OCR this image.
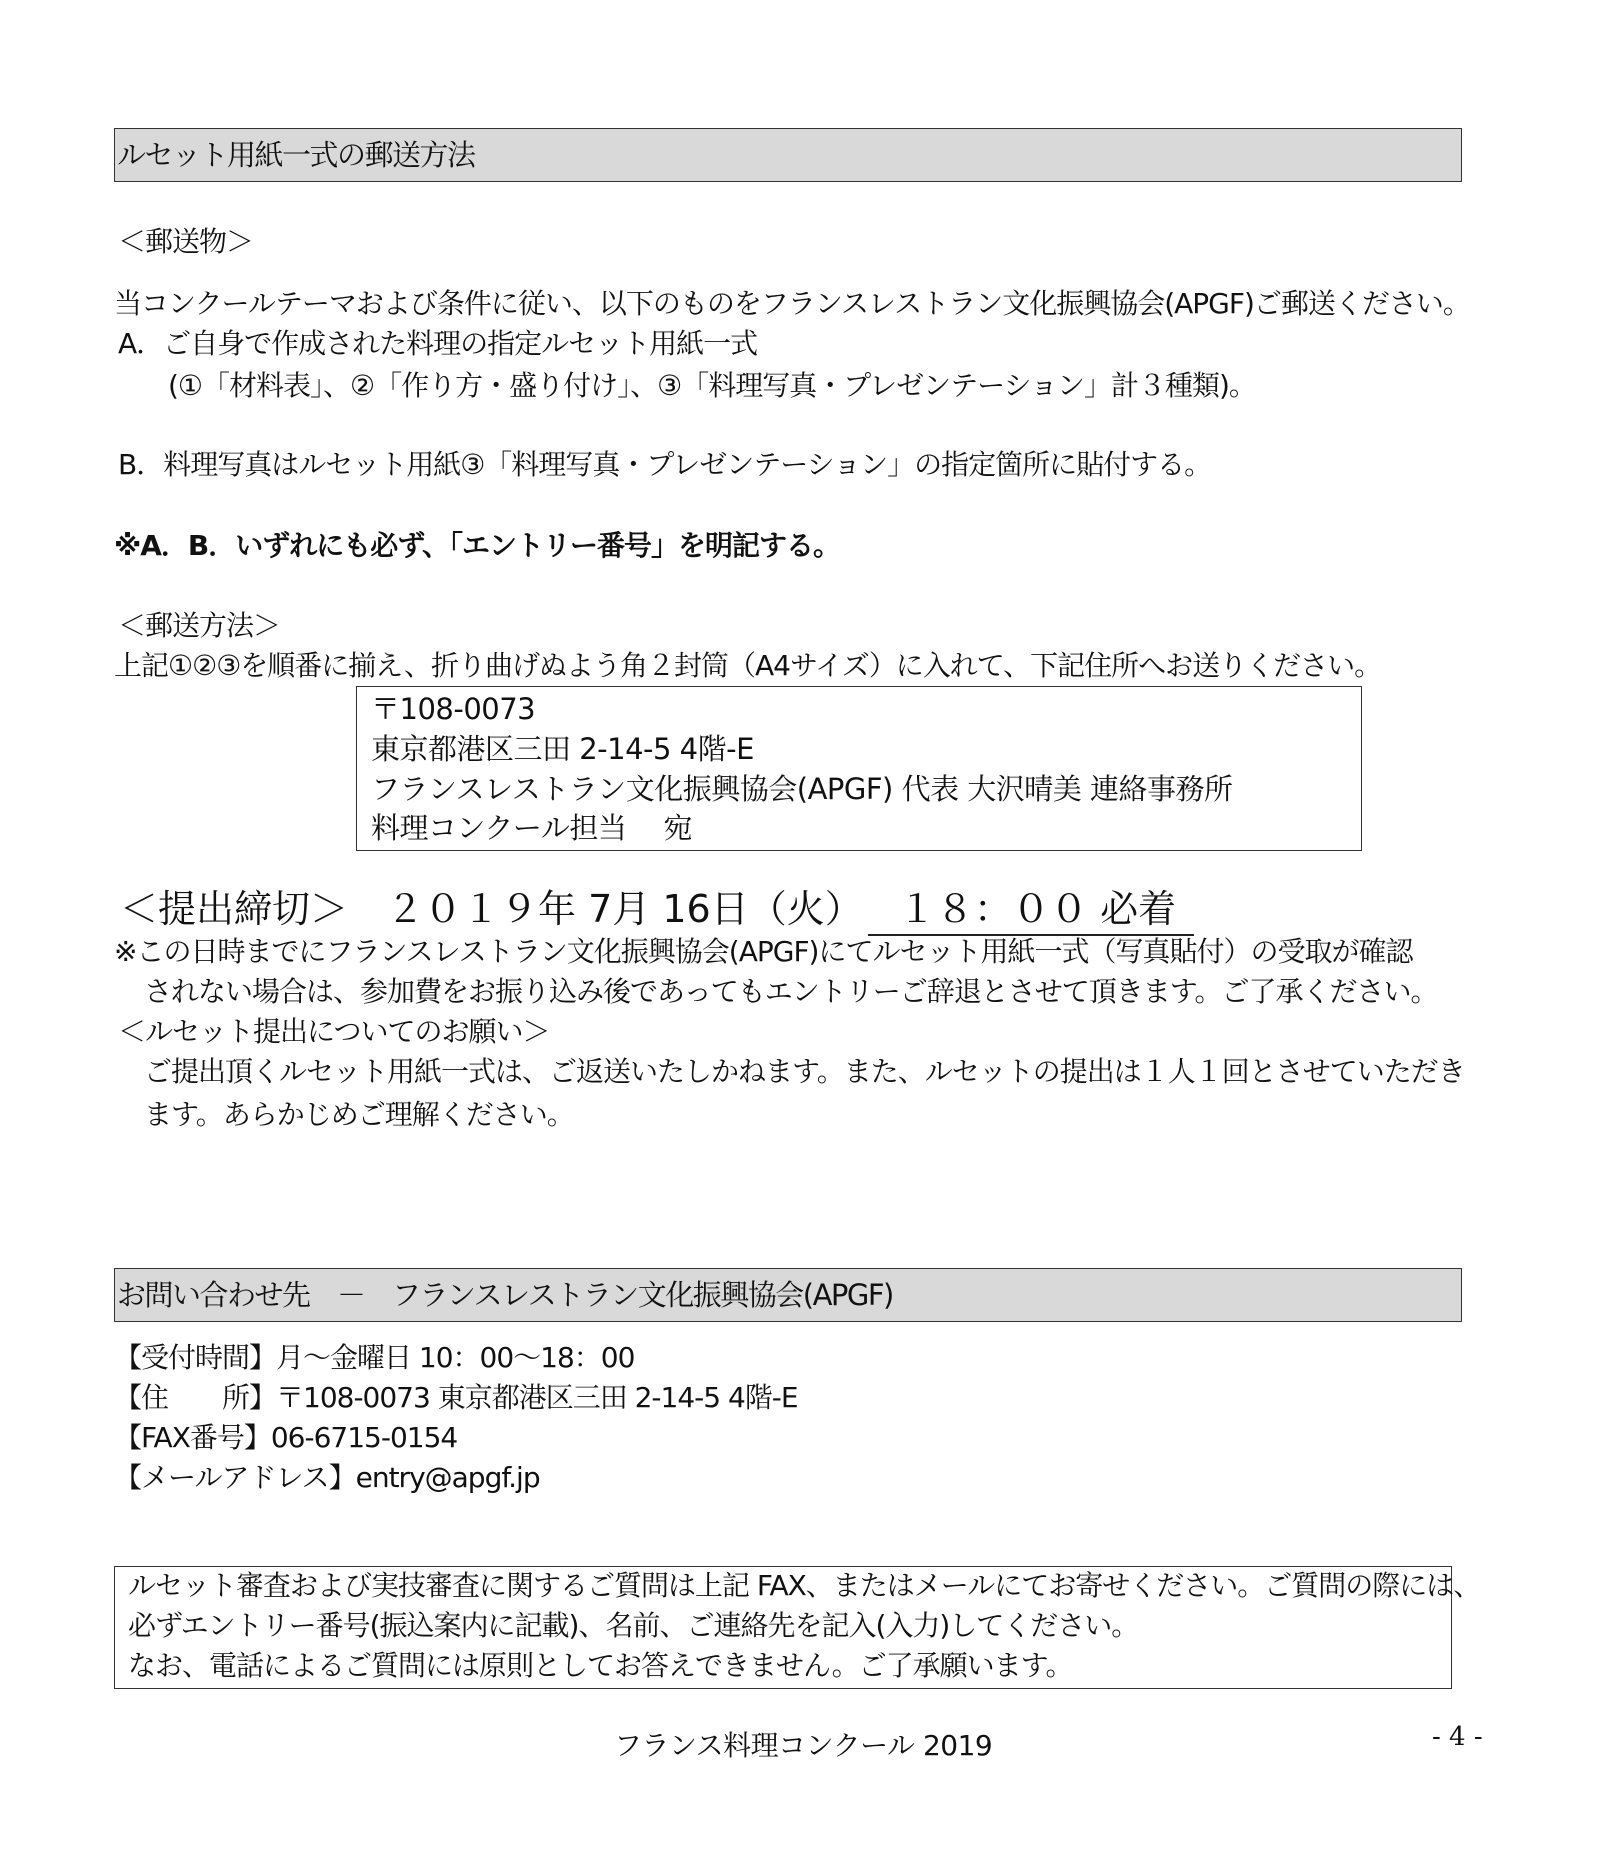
ルセット用紙一式の郵送方法
＜郵送物＞
当コンクールテーマおよび条件に従い、以下のものをフランスレストラン文化振興協会(APGF)ご郵送ください。
A．ご自身で作成された料理の指定ルセット用紙一式
(①「材料表」、②「作り方・盛り付け」、③「料理写真・プレゼンテーション」計３種類)。
B．料理写真はルセット用紙③「料理写真・プレゼンテーション」の指定箇所に貼付する。
※A．B．いずれにも必ず、「エントリー番号」を明記する。
＜郵送方法＞
上記①②③を順番に揃え、折り曲げぬよう角２封筒（A4サイズ）に入れて、下記住所へお送りください。
〒108-0073
東京都港区三田 2-14-5 4階-E
フランスレストラン文化振興協会(APGF) 代表 大沢晴美 連絡事務所
料理コンクール担当　 宛
＜提出締切＞ ２０１９年 7月 16日（火） １８：００ 必着
※この日時までにフランスレストラン文化振興協会(APGF)にてルセット用紙一式（写真貼付）の受取が確認
されない場合は、参加費をお振り込み後であってもエントリーご辞退とさせて頂きます。ご了承ください。
＜ルセット提出についてのお願い＞
ご提出頂くルセット用紙一式は、ご返送いたしかねます。また、ルセットの提出は１人１回とさせていただき
ます。あらかじめご理解ください。
お問い合わせ先　－　フランスレストラン文化振興協会(APGF)
【受付時間】月～金曜日 10：00～18：00
【住　　所】〒108-0073 東京都港区三田 2-14-5 4階-E
【FAX番号】06-6715-0154
【メールアドレス】entry@apgf.jp
ルセット審査および実技審査に関するご質問は上記 FAX、またはメールにてお寄せください。ご質問の際には、
必ずエントリー番号(振込案内に記載)、名前、ご連絡先を記入(入力)してください。
なお、電話によるご質問には原則としてお答えできません。ご了承願います。
フランス料理コンクール 2019	- 4 -
